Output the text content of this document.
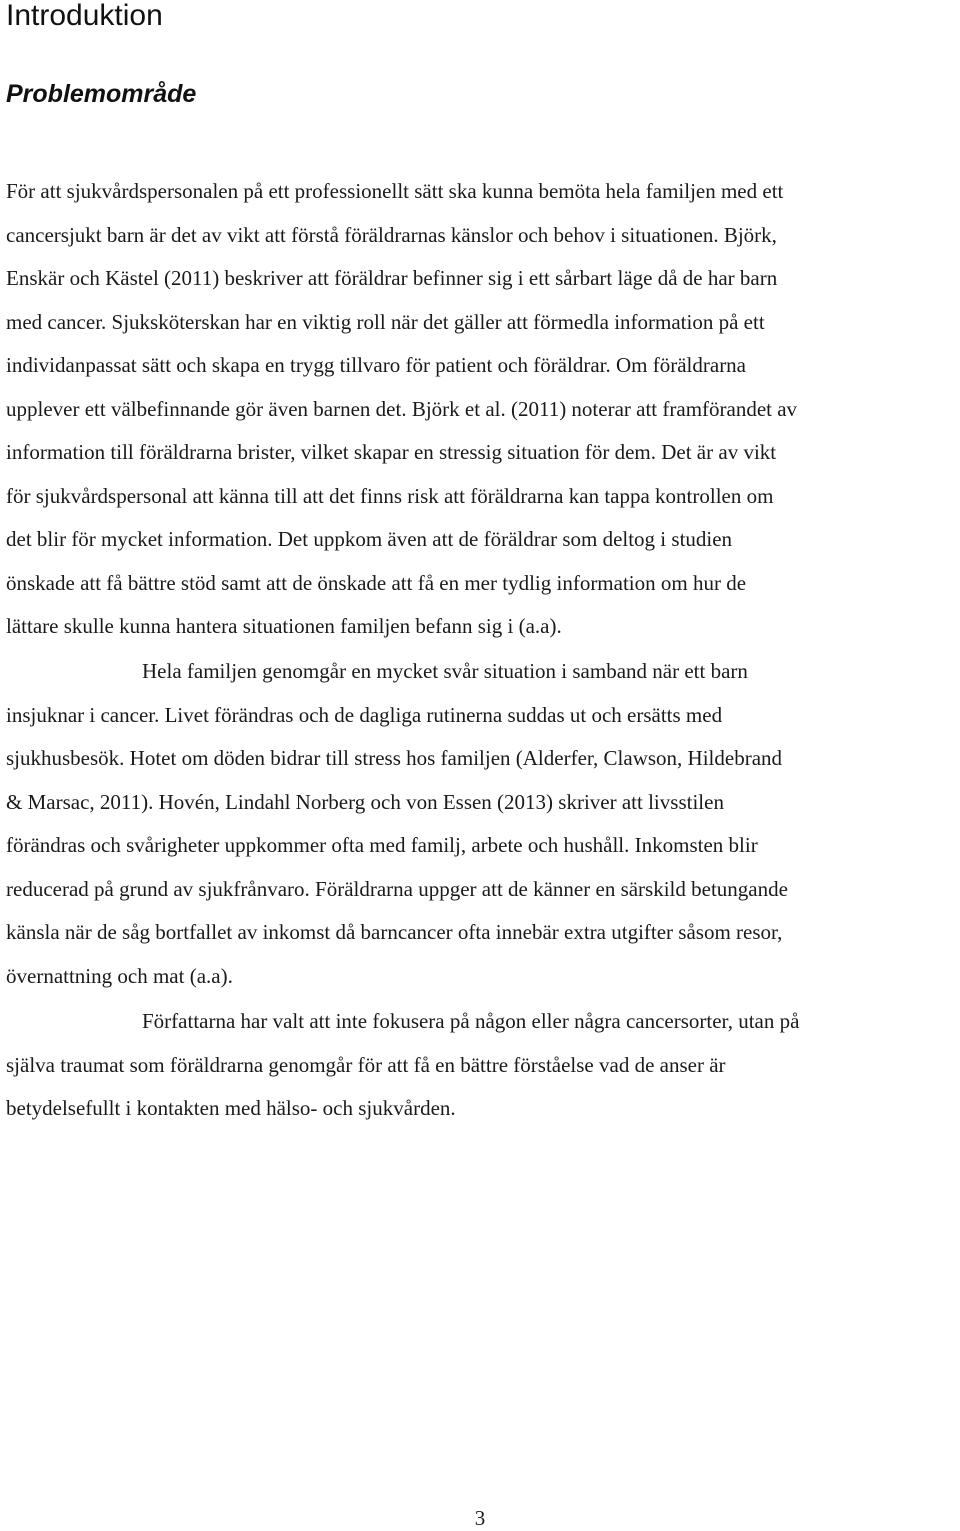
Introduktion
Problemområde
För att sjukvårdspersonalen på ett professionellt sätt ska kunna bemöta hela familjen med ett
cancersjukt barn är det av vikt att förstå föräldrarnas känslor och behov i situationen. Björk,
Enskär och Kästel (2011) beskriver att föräldrar befinner sig i ett sårbart läge då de har barn
med cancer. Sjuksköterskan har en viktig roll när det gäller att förmedla information på ett
individanpassat sätt och skapa en trygg tillvaro för patient och föräldrar. Om föräldrarna
upplever ett välbefinnande gör även barnen det. Björk et al. (2011) noterar att framförandet av
information till föräldrarna brister, vilket skapar en stressig situation för dem. Det är av vikt
för sjukvårdspersonal att känna till att det finns risk att föräldrarna kan tappa kontrollen om
det blir för mycket information. Det uppkom även att de föräldrar som deltog i studien
önskade att få bättre stöd samt att de önskade att få en mer tydlig information om hur de
lättare skulle kunna hantera situationen familjen befann sig i (a.a).
Hela familjen genomgår en mycket svår situation i samband när ett barn
insjuknar i cancer. Livet förändras och de dagliga rutinerna suddas ut och ersätts med
sjukhusbesök. Hotet om döden bidrar till stress hos familjen (Alderfer, Clawson, Hildebrand
& Marsac, 2011). Hovén, Lindahl Norberg och von Essen (2013) skriver att livsstilen
förändras och svårigheter uppkommer ofta med familj, arbete och hushåll. Inkomsten blir
reducerad på grund av sjukfrånvaro. Föräldrarna uppger att de känner en särskild betungande
känsla när de såg bortfallet av inkomst då barncancer ofta innebär extra utgifter såsom resor,
övernattning och mat (a.a).
Författarna har valt att inte fokusera på någon eller några cancersorter, utan på
själva traumat som föräldrarna genomgår för att få en bättre förståelse vad de anser är
betydelsefullt i kontakten med hälso- och sjukvården.
3
